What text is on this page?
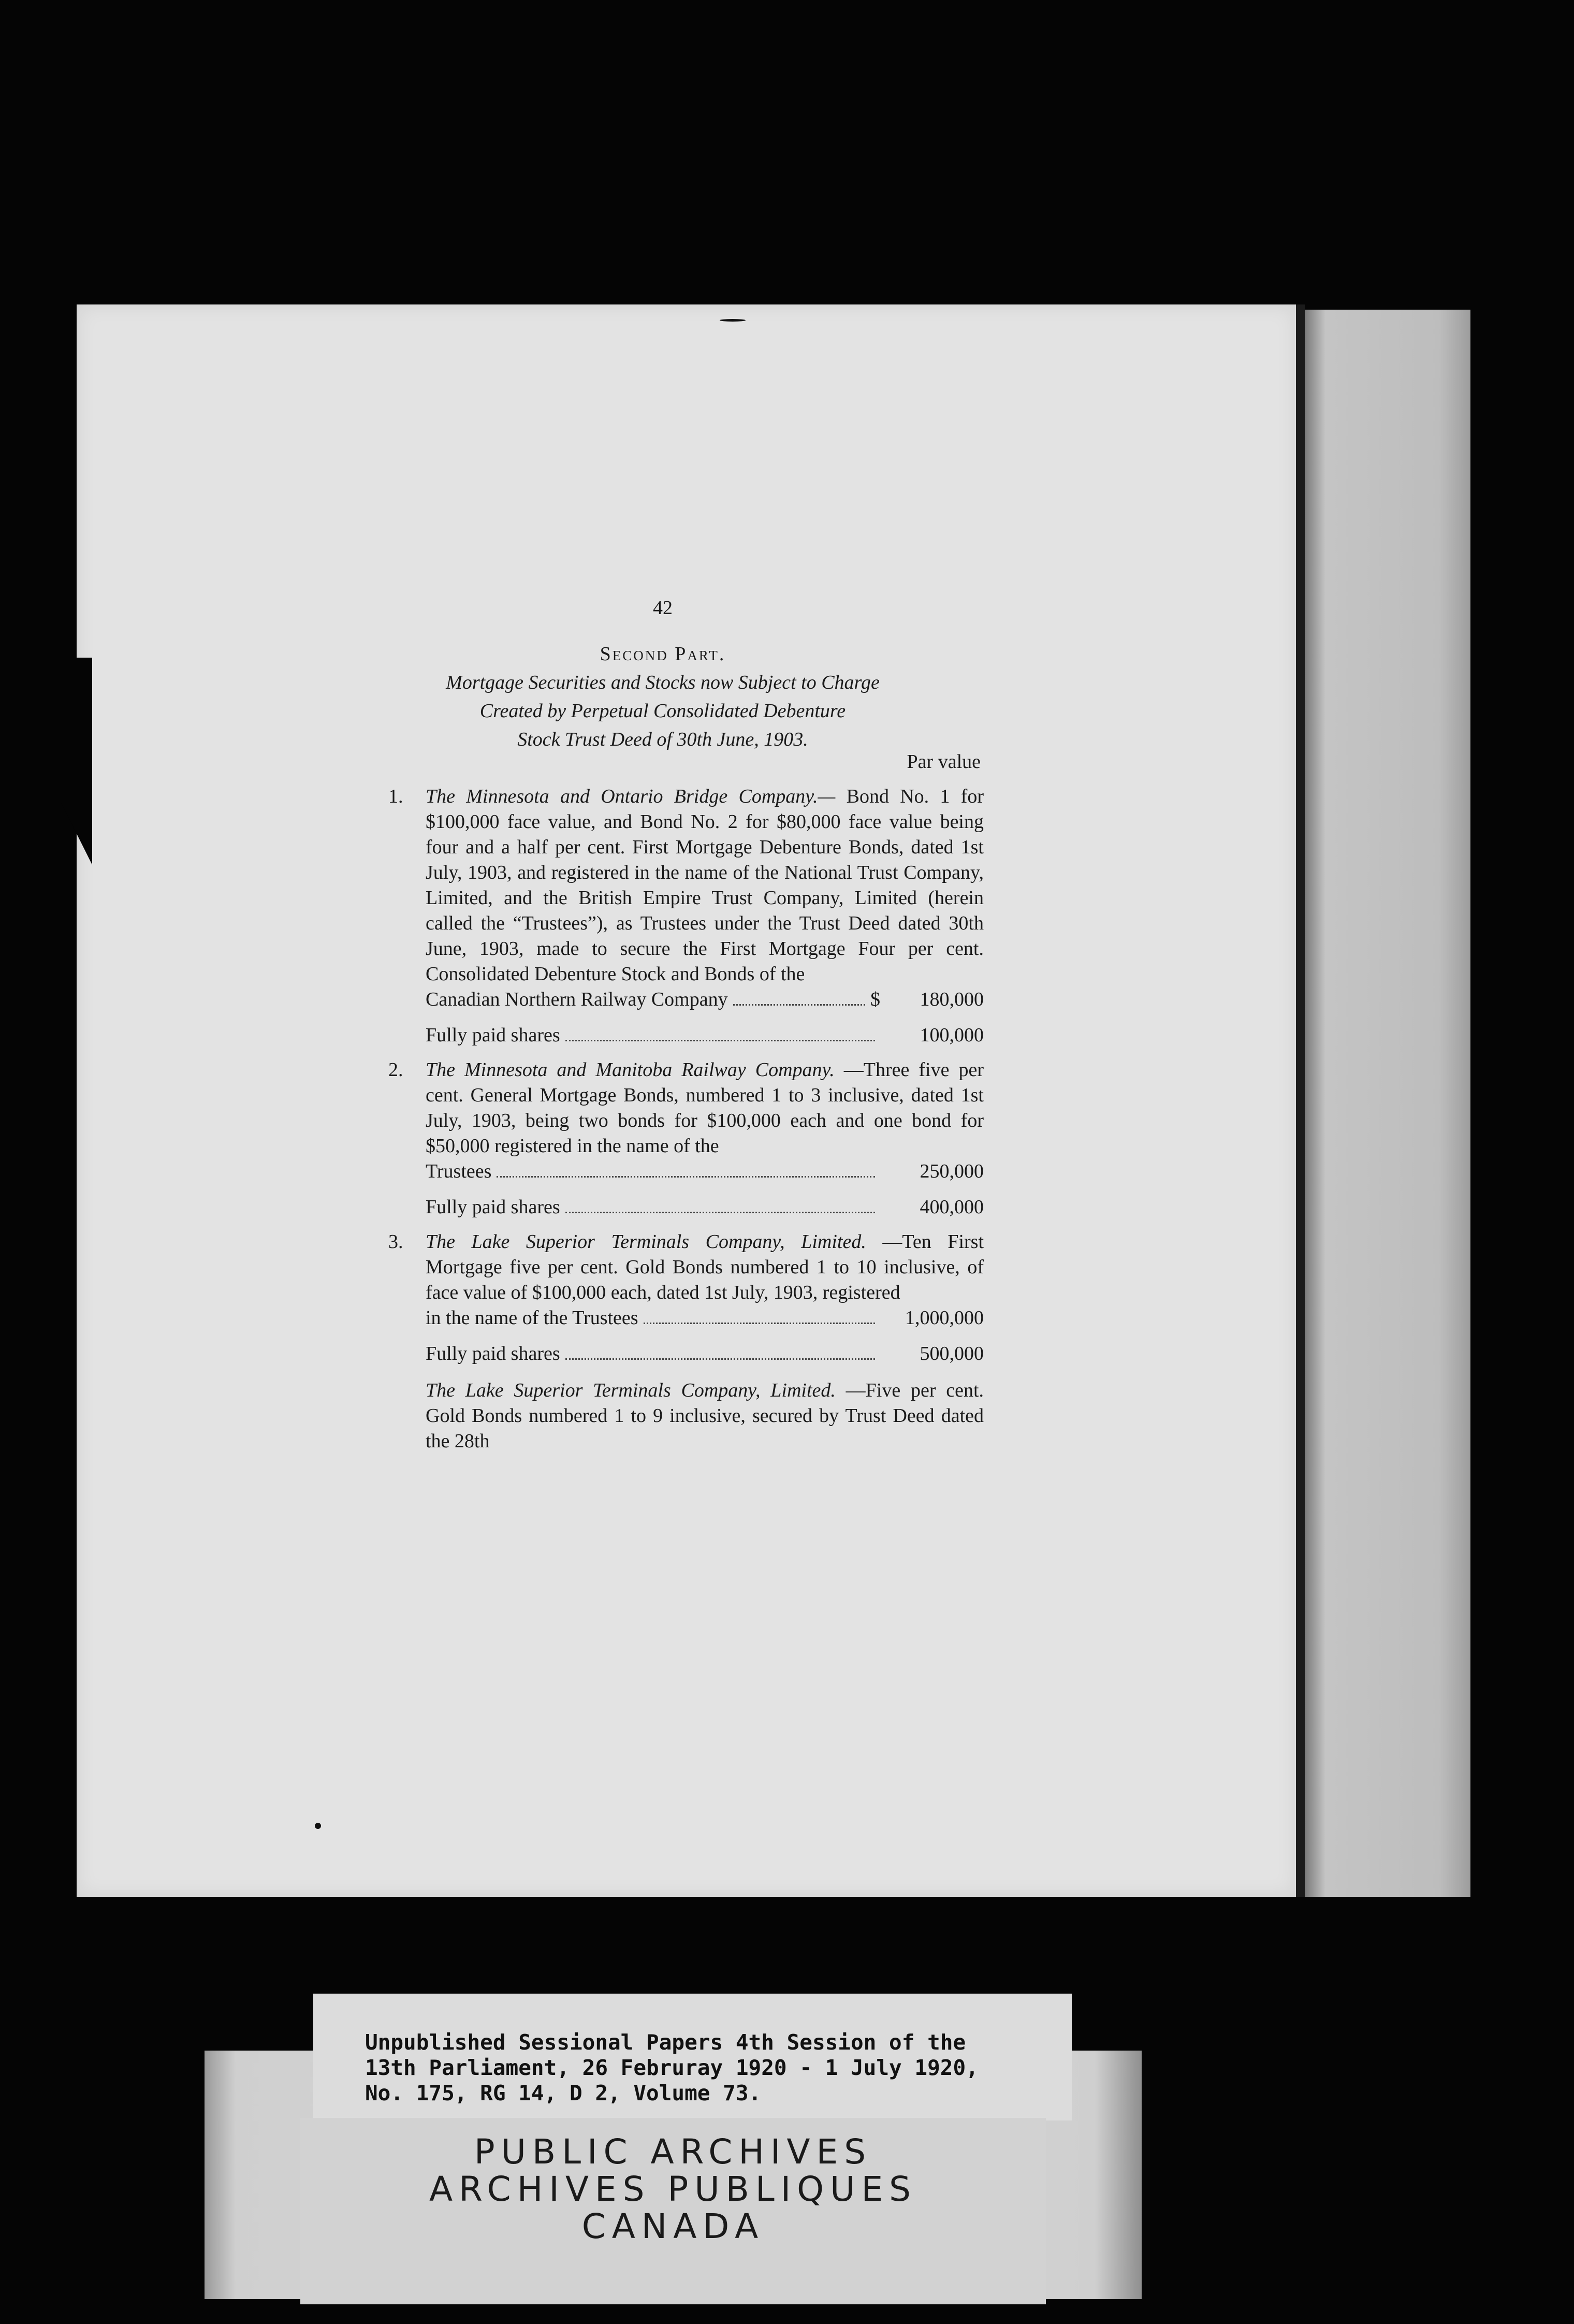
42
Second Part.
Mortgage Securities and Stocks now Subject to Charge
Created by Perpetual Consolidated Debenture
Stock Trust Deed of 30th June, 1903.
Par value
1. The Minnesota and Ontario Bridge Company.— Bond No. 1 for $100,000 face value, and Bond No. 2 for $80,000 face value being four and a half per cent. First Mortgage Debenture Bonds, dated 1st July, 1903, and registered in the name of the National Trust Company, Limited, and the British Empire Trust Company, Limited (herein called the “Trustees”), as Trustees under the Trust Deed dated 30th June, 1903, made to secure the First Mortgage Four per cent. Consolidated Debenture Stock and Bonds of the
Canadian Northern Railway Company	$	180,000
Fully paid shares	100,000
2. The Minnesota and Manitoba Railway Company. —Three five per cent. General Mortgage Bonds, numbered 1 to 3 inclusive, dated 1st July, 1903, being two bonds for $100,000 each and one bond for $50,000 registered in the name of the
Trustees	250,000
Fully paid shares	400,000
3. The Lake Superior Terminals Company, Limited. —Ten First Mortgage five per cent. Gold Bonds numbered 1 to 10 inclusive, of face value of $100,000 each, dated 1st July, 1903, registered
in the name of the Trustees	1,000,000
Fully paid shares	500,000
The Lake Superior Terminals Company, Limited. —Five per cent. Gold Bonds numbered 1 to 9 inclusive, secured by Trust Deed dated the 28th
Unpublished Sessional Papers 4th Session of the
13th Parliament, 26 Februray 1920 - 1 July 1920,
No. 175, RG 14, D 2, Volume 73.
PUBLIC ARCHIVES
ARCHIVES PUBLIQUES
CANADA
